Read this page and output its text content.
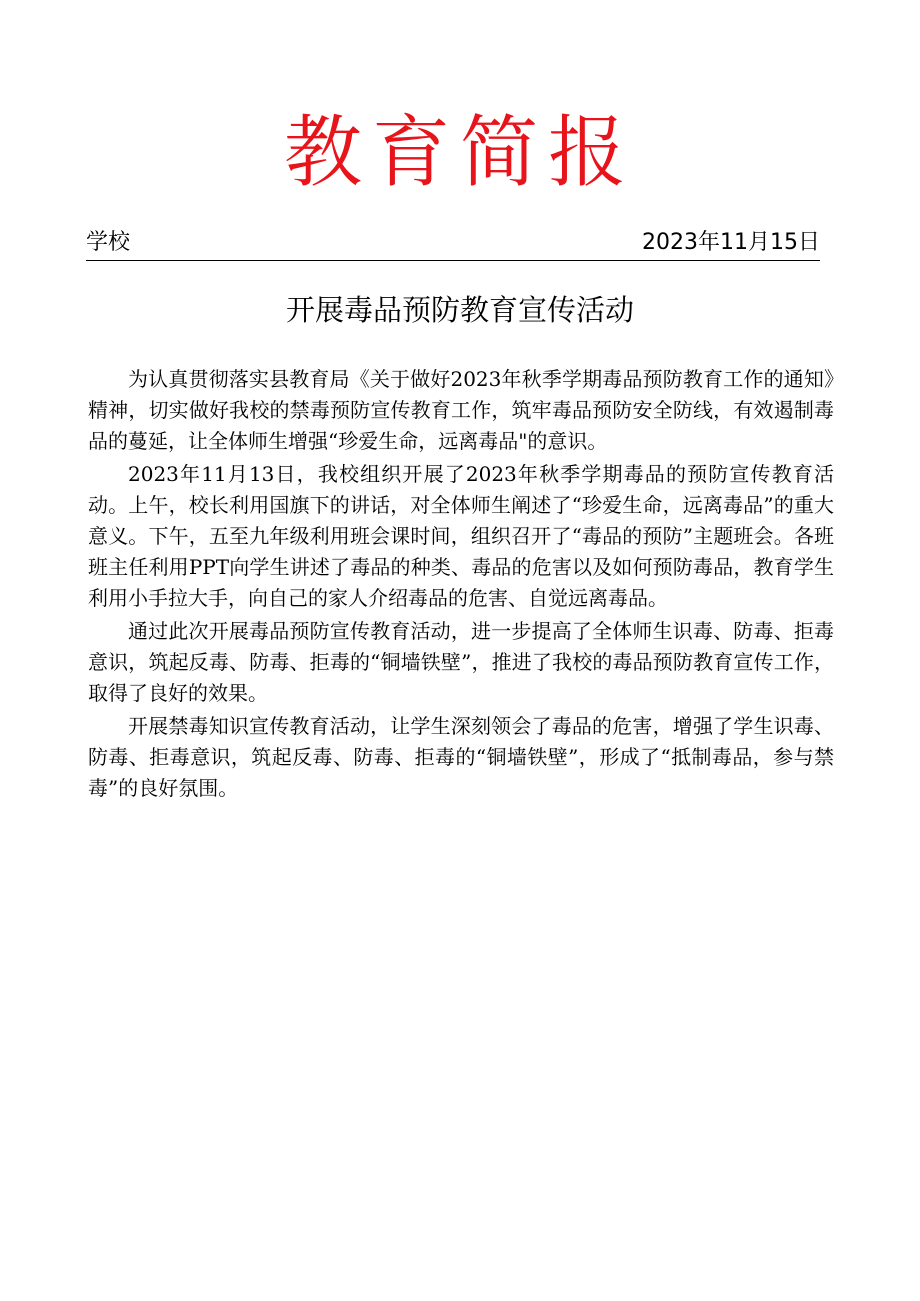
教育简报
学校	2023年11月15日
开展毒品预防教育宣传活动

为认真贯彻落实县教育局《关于做好2023年秋季学期毒品预防教育工作的通知》精神，切实做好我校的禁毒预防宣传教育工作，筑牢毒品预防安全防线，有效遏制毒品的蔓延，让全体师生增强“珍爱生命，远离毒品"的意识。

2023年11月13日，我校组织开展了2023年秋季学期毒品的预防宣传教育活动。上午，校长利用国旗下的讲话，对全体师生阐述了“珍爱生命，远离毒品”的重大意义。下午，五至九年级利用班会课时间，组织召开了“毒品的预防”主题班会。各班班主任利用PPT向学生讲述了毒品的种类、毒品的危害以及如何预防毒品，教育学生利用小手拉大手，向自己的家人介绍毒品的危害、自觉远离毒品。

通过此次开展毒品预防宣传教育活动，进一步提高了全体师生识毒、防毒、拒毒意识，筑起反毒、防毒、拒毒的“铜墙铁壁”，推进了我校的毒品预防教育宣传工作，取得了良好的效果。

开展禁毒知识宣传教育活动，让学生深刻领会了毒品的危害，增强了学生识毒、防毒、拒毒意识，筑起反毒、防毒、拒毒的“铜墙铁壁”，形成了“抵制毒品，参与禁毒”的良好氛围。
